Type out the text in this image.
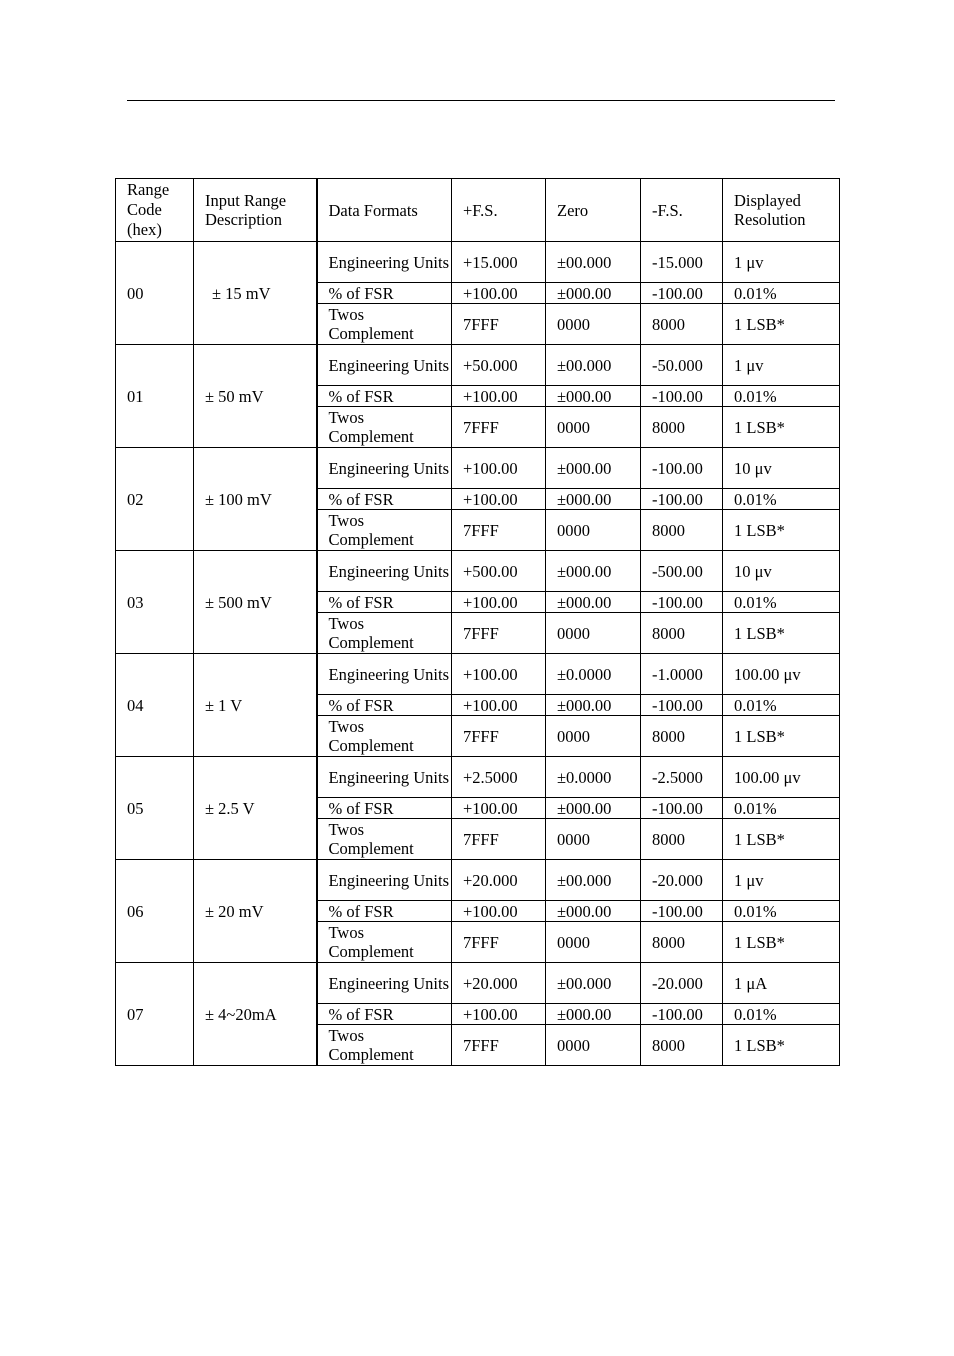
Range Code (hex)	Input Range Description	Data Formats	+F.S.	Zero	-F.S.	Displayed Resolution
00	± 15 mV	Engineering Units	+15.000	±00.000	-15.000	1 μv
		% of FSR	+100.00	±000.00	-100.00	0.01%
		Twos Complement	7FFF	0000	8000	1 LSB*
01	± 50 mV	Engineering Units	+50.000	±00.000	-50.000	1 μv
		% of FSR	+100.00	±000.00	-100.00	0.01%
		Twos Complement	7FFF	0000	8000	1 LSB*
02	± 100 mV	Engineering Units	+100.00	±000.00	-100.00	10 μv
		% of FSR	+100.00	±000.00	-100.00	0.01%
		Twos Complement	7FFF	0000	8000	1 LSB*
03	± 500 mV	Engineering Units	+500.00	±000.00	-500.00	10 μv
		% of FSR	+100.00	±000.00	-100.00	0.01%
		Twos Complement	7FFF	0000	8000	1 LSB*
04	± 1 V	Engineering Units	+100.00	±0.0000	-1.0000	100.00 μv
		% of FSR	+100.00	±000.00	-100.00	0.01%
		Twos Complement	7FFF	0000	8000	1 LSB*
05	± 2.5 V	Engineering Units	+2.5000	±0.0000	-2.5000	100.00 μv
		% of FSR	+100.00	±000.00	-100.00	0.01%
		Twos Complement	7FFF	0000	8000	1 LSB*
06	± 20 mV	Engineering Units	+20.000	±00.000	-20.000	1 μv
		% of FSR	+100.00	±000.00	-100.00	0.01%
		Twos Complement	7FFF	0000	8000	1 LSB*
07	± 4~20mA	Engineering Units	+20.000	±00.000	-20.000	1 μA
		% of FSR	+100.00	±000.00	-100.00	0.01%
		Twos Complement	7FFF	0000	8000	1 LSB*
